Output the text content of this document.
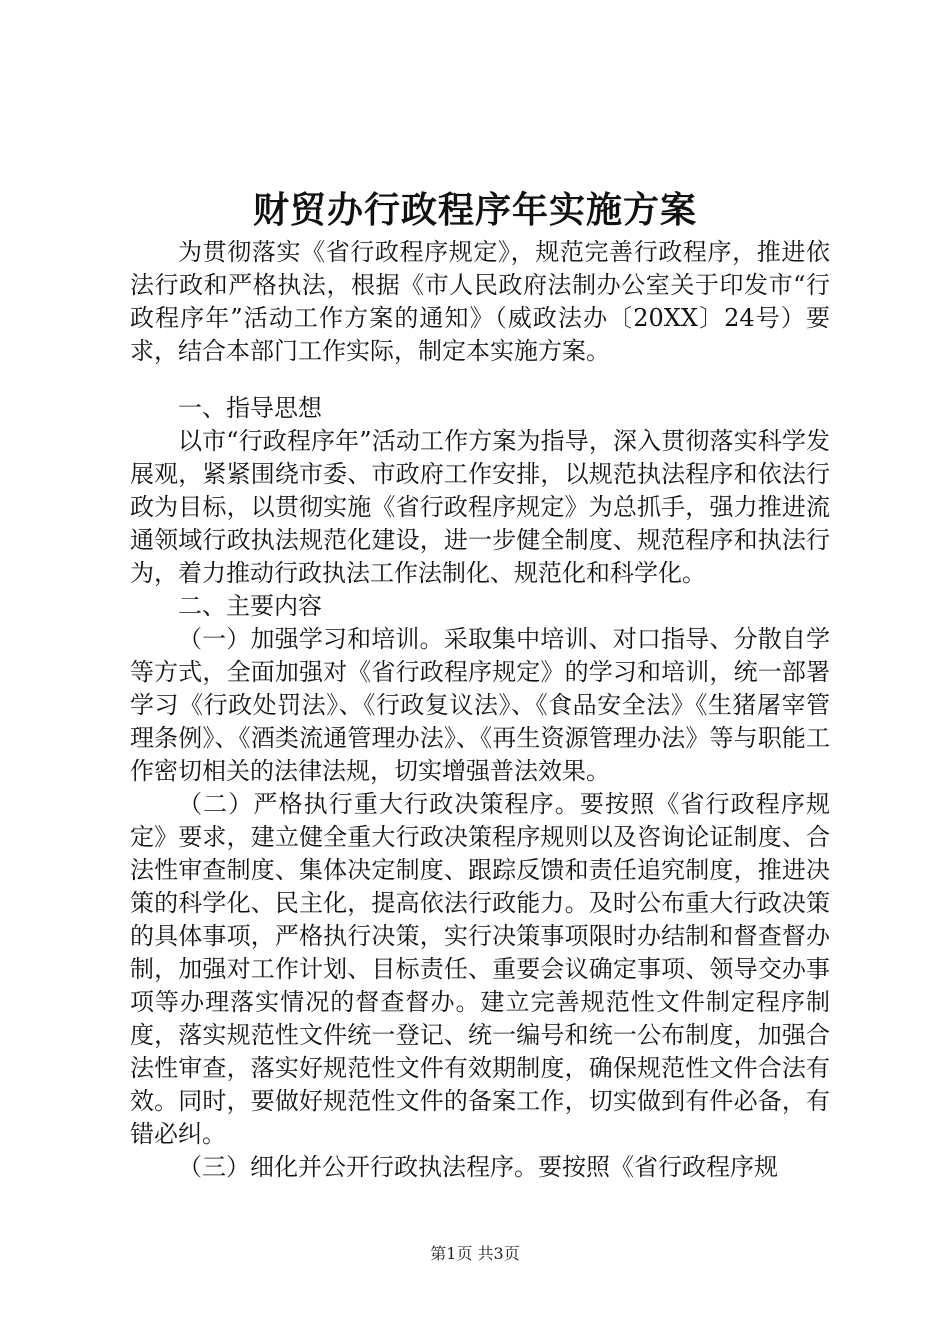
财贸办行政程序年实施方案

为贯彻落实《省行政程序规定》，规范完善行政程序，推进依法行政和严格执法，根据《市人民政府法制办公室关于印发市“行政程序年”活动工作方案的通知》（威政法办〔20XX〕24号）要求，结合本部门工作实际，制定本实施方案。

一、指导思想

以市“行政程序年”活动工作方案为指导，深入贯彻落实科学发展观，紧紧围绕市委、市政府工作安排，以规范执法程序和依法行政为目标，以贯彻实施《省行政程序规定》为总抓手，强力推进流通领域行政执法规范化建设，进一步健全制度、规范程序和执法行为，着力推动行政执法工作法制化、规范化和科学化。

二、主要内容

（一）加强学习和培训。采取集中培训、对口指导、分散自学等方式，全面加强对《省行政程序规定》的学习和培训，统一部署学习《行政处罚法》、《行政复议法》、《食品安全法》《生猪屠宰管理条例》、《酒类流通管理办法》、《再生资源管理办法》等与职能工作密切相关的法律法规，切实增强普法效果。

（二）严格执行重大行政决策程序。要按照《省行政程序规定》要求，建立健全重大行政决策程序规则以及咨询论证制度、合法性审查制度、集体决定制度、跟踪反馈和责任追究制度，推进决策的科学化、民主化，提高依法行政能力。及时公布重大行政决策的具体事项，严格执行决策，实行决策事项限时办结制和督查督办制，加强对工作计划、目标责任、重要会议确定事项、领导交办事项等办理落实情况的督查督办。建立完善规范性文件制定程序制度，落实规范性文件统一登记、统一编号和统一公布制度，加强合法性审查，落实好规范性文件有效期制度，确保规范性文件合法有效。同时，要做好规范性文件的备案工作，切实做到有件必备，有错必纠。

（三）细化并公开行政执法程序。要按照《省行政程序规

第1页 共3页
